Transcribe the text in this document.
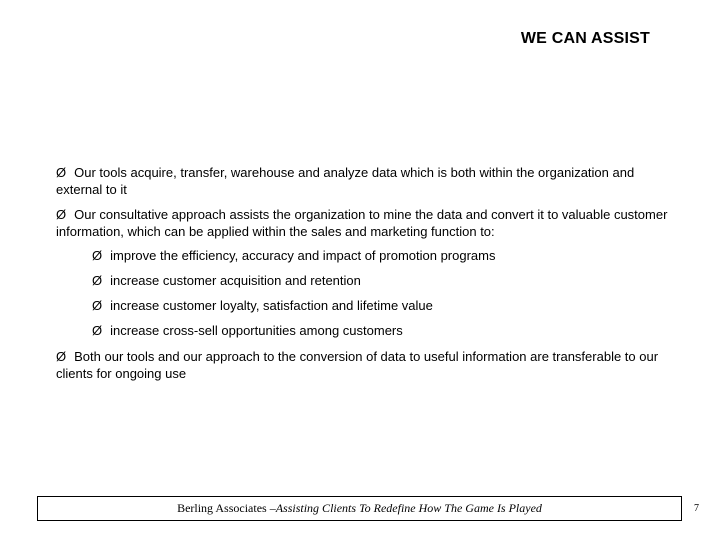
WE CAN ASSIST
Ø Our tools acquire, transfer, warehouse and analyze data which is both within the organization and external to it
Ø Our consultative approach assists the organization to mine the data and convert it to valuable customer information, which can be applied within the sales and marketing function to:
Ø improve the efficiency, accuracy and impact of promotion programs
Ø increase customer acquisition and retention
Ø increase customer loyalty, satisfaction and lifetime value
Ø increase cross-sell opportunities among customers
Ø Both our tools and our approach to the conversion of data to useful information are transferable to our clients for ongoing use
Berling Associates – Assisting Clients To Redefine How The Game Is Played	7
